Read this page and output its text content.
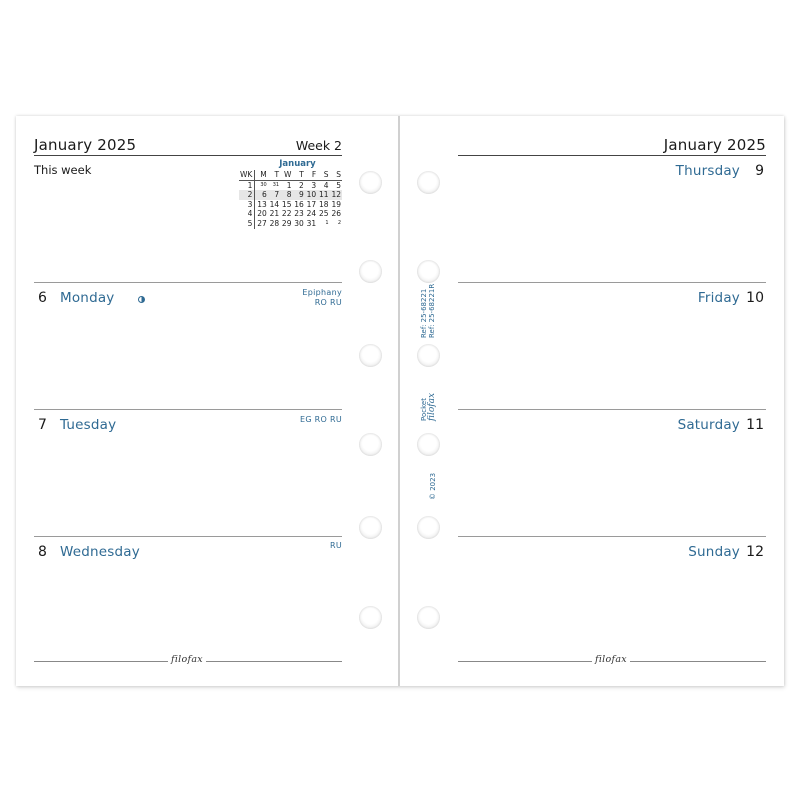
January 2025	Week 2
This week	January
WK	M	T	W	T	F	S	S
1	30	31	1	2	3	4	5
2	6	7	8	9	10	11	12
3	13	14	15	16	17	18	19
4	20	21	22	23	24	25	26
5	27	28	29	30	31	1	2
6 Monday	Epiphany
RO RU
7 Tuesday	EG RO RU
8 Wednesday	RU
filofax
January 2025
Thursday 9
Friday 10
Saturday 11
Sunday 12
filofax
Ref: 25-68221 Ref: 25-68221R
Pocket filofax
© 2023
